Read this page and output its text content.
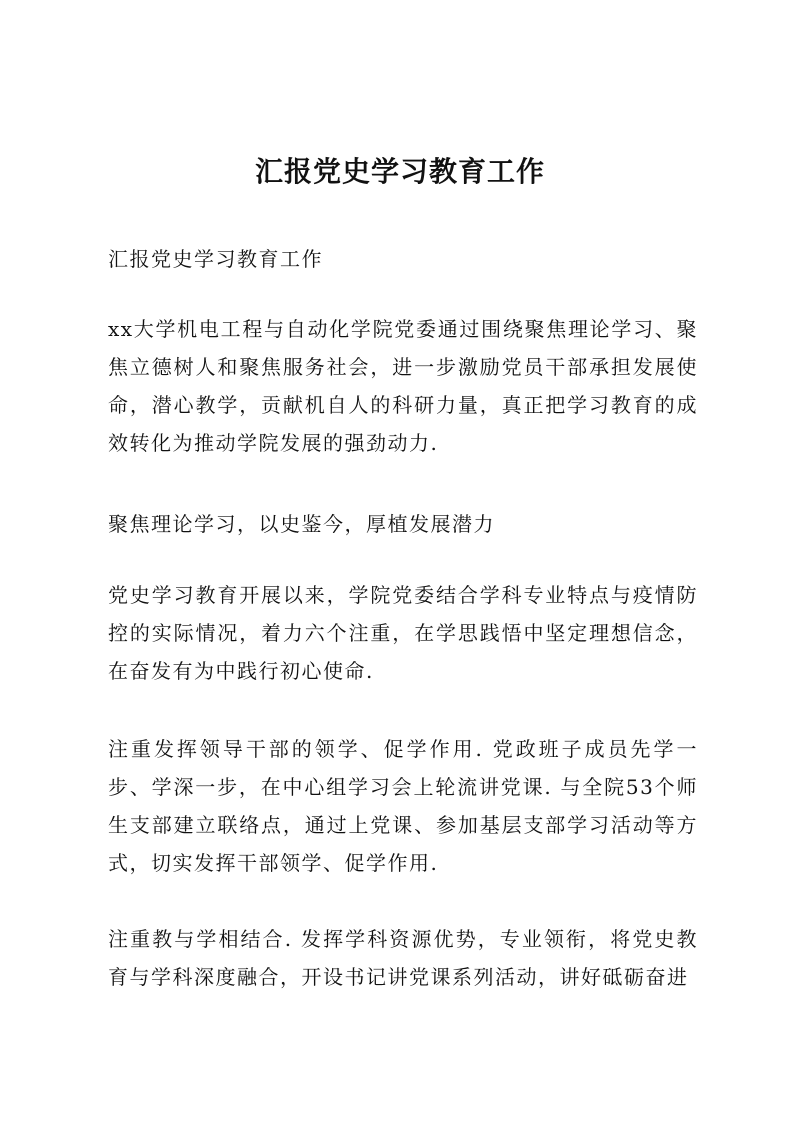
汇报党史学习教育工作

汇报党史学习教育工作

xx大学机电工程与自动化学院党委通过围绕聚焦理论学习、聚焦立德树人和聚焦服务社会，进一步激励党员干部承担发展使命，潜心教学，贡献机自人的科研力量，真正把学习教育的成效转化为推动学院发展的强劲动力.

聚焦理论学习，以史鉴今，厚植发展潜力

党史学习教育开展以来，学院党委结合学科专业特点与疫情防控的实际情况，着力六个注重，在学思践悟中坚定理想信念，在奋发有为中践行初心使命.

注重发挥领导干部的领学、促学作用. 党政班子成员先学一步、学深一步，在中心组学习会上轮流讲党课. 与全院53个师生支部建立联络点，通过上党课、参加基层支部学习活动等方式，切实发挥干部领学、促学作用.

注重教与学相结合. 发挥学科资源优势，专业领衔，将党史教育与学科深度融合，开设书记讲党课系列活动，讲好砥砺奋进
